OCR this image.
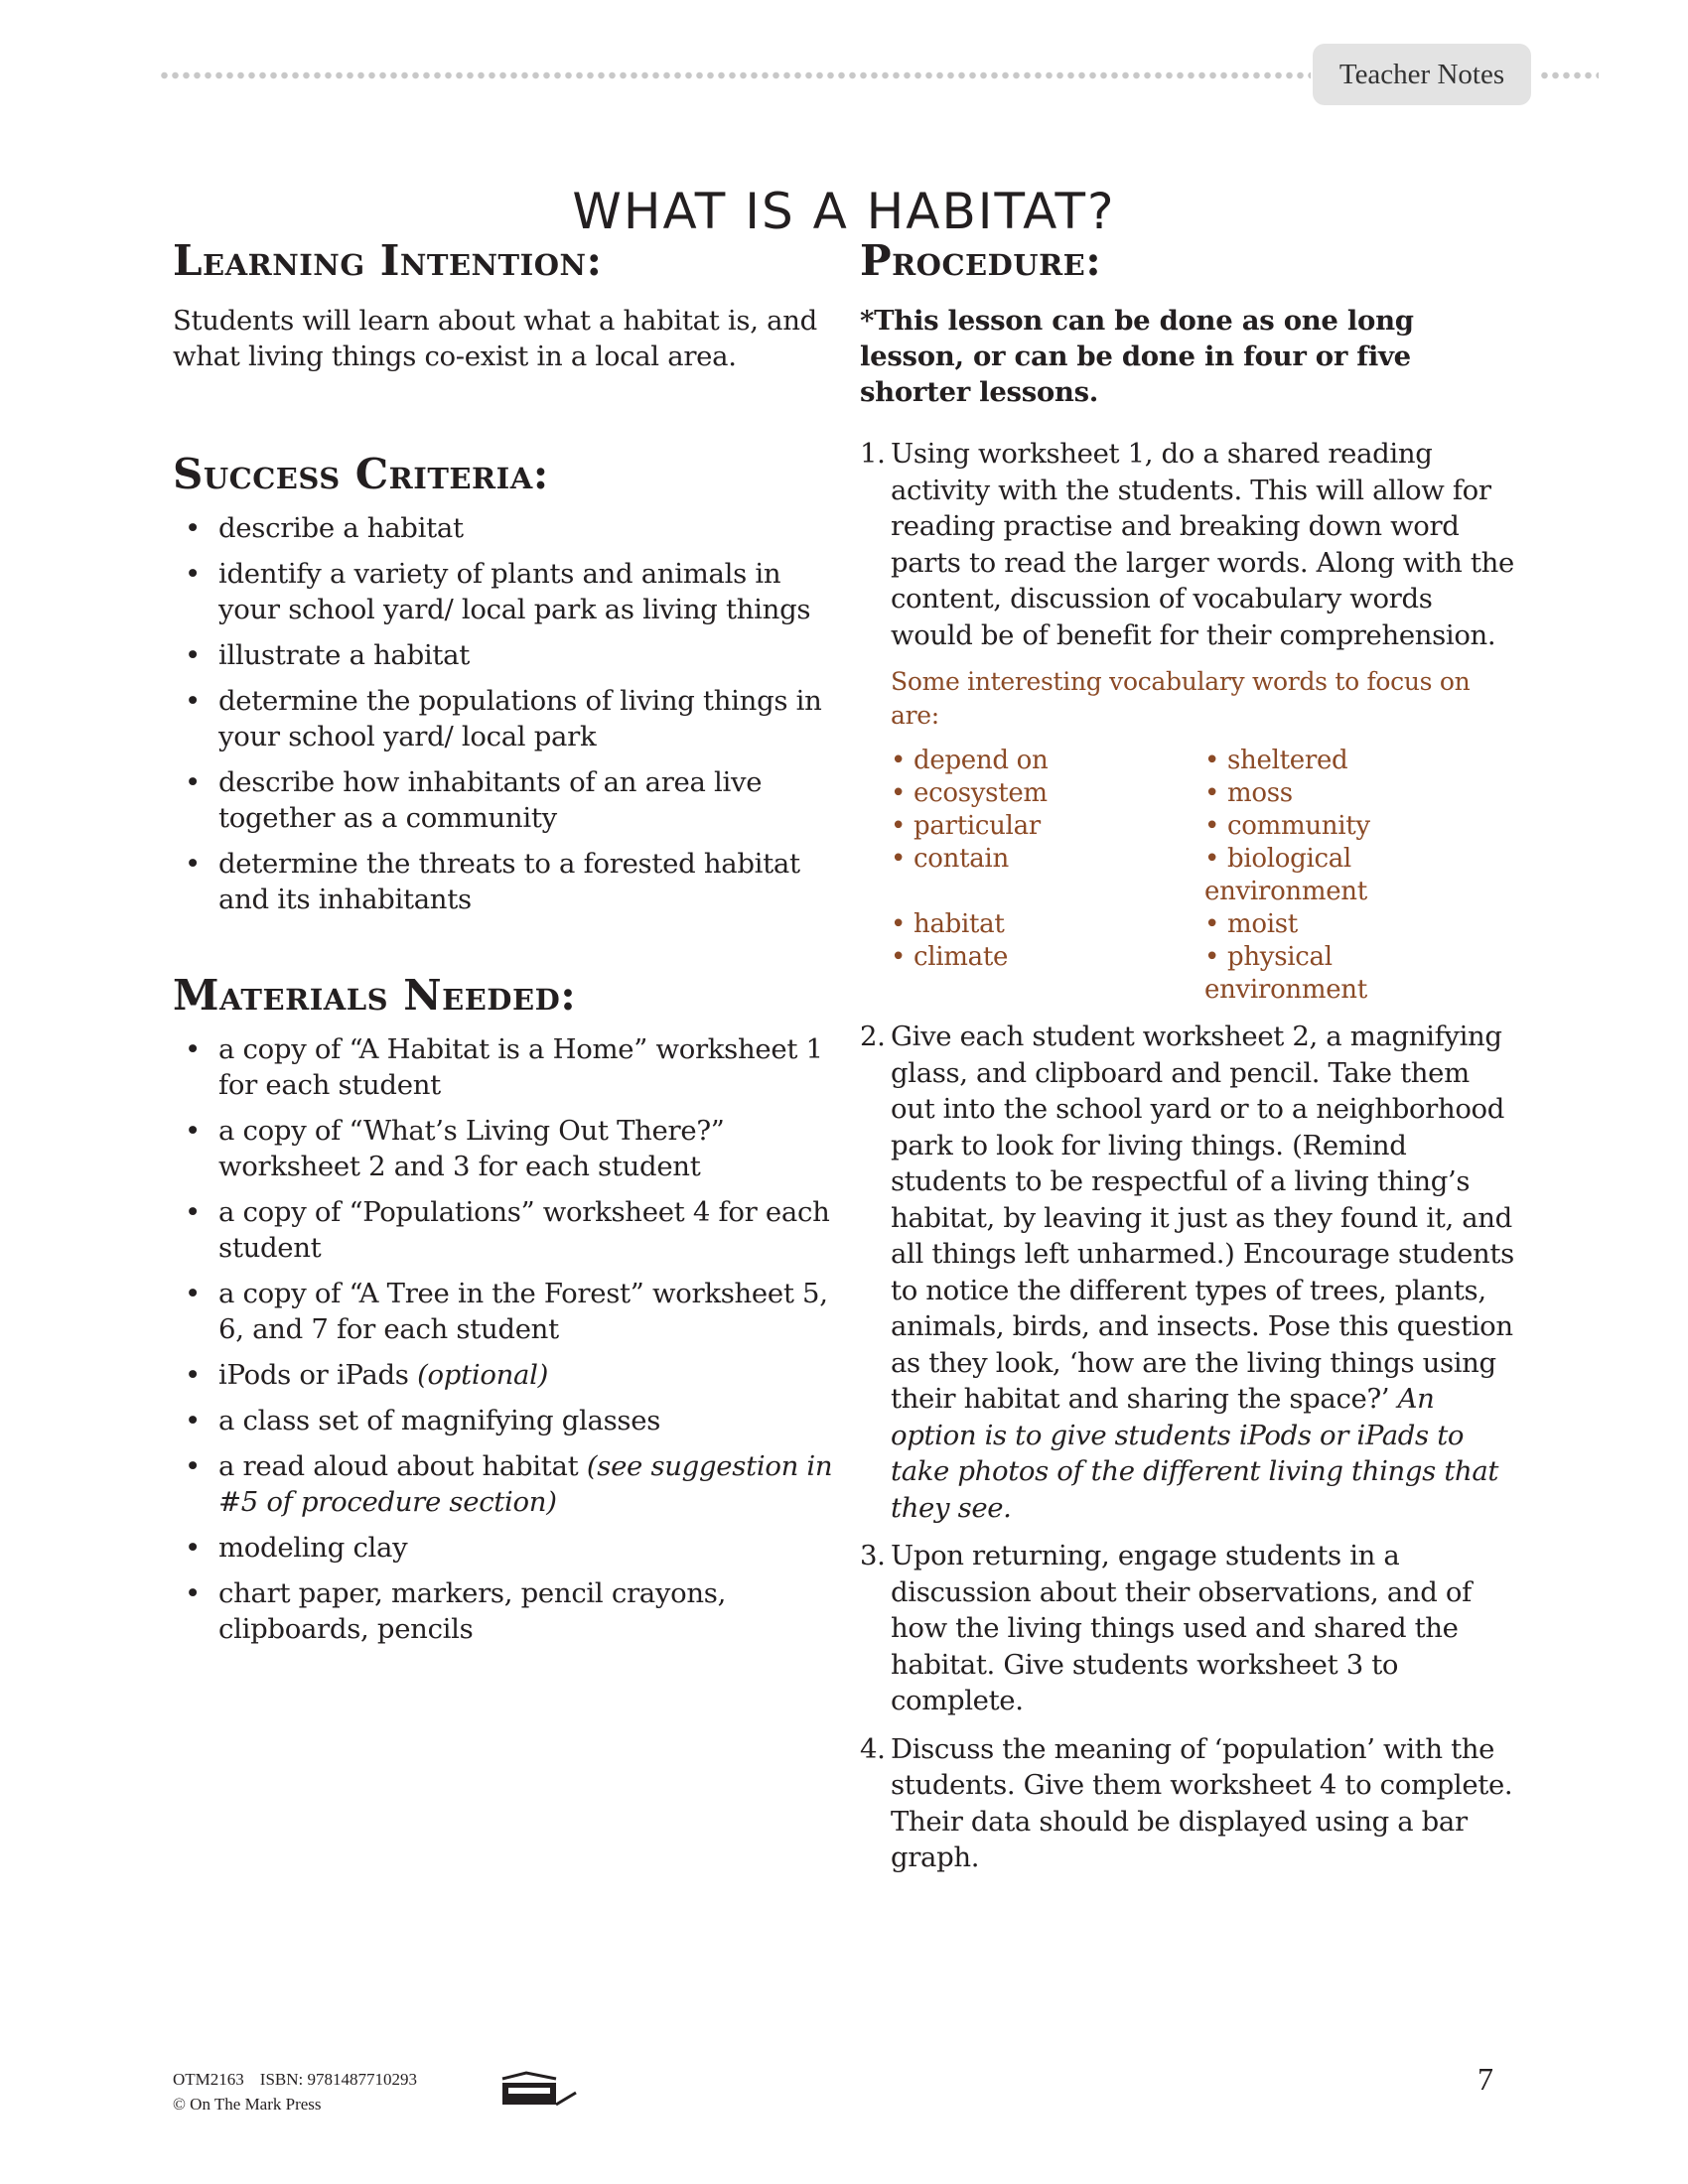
Teacher Notes
WHAT IS A HABITAT?
Learning Intention:

Students will learn about what a habitat is, and what living things co-exist in a local area.

Success Criteria:
• describe a habitat
• identify a variety of plants and animals in your school yard/ local park as living things
• illustrate a habitat
• determine the populations of living things in your school yard/ local park
• describe how inhabitants of an area live together as a community
• determine the threats to a forested habitat and its inhabitants
Materials Needed:
• a copy of “A Habitat is a Home” worksheet 1 for each student
• a copy of “What’s Living Out There?” worksheet 2 and 3 for each student
• a copy of “Populations” worksheet 4 for each student
• a copy of “A Tree in the Forest” worksheet 5, 6, and 7 for each student
• iPods or iPads (optional)
• a class set of magnifying glasses
• a read aloud about habitat (see suggestion in #5 of procedure section)
• modeling clay
• chart paper, markers, pencil crayons, clipboards, pencils
Procedure:

*This lesson can be done as one long lesson, or can be done in four or five shorter lessons.

1. Using worksheet 1, do a shared reading activity with the students. This will allow for reading practise and breaking down word parts to read the larger words. Along with the content, discussion of vocabulary words would be of benefit for their comprehension.
Some interesting vocabulary words to focus on are:
• depend on	• sheltered
• ecosystem	• moss
• particular	• community
• contain	• biological environment
• habitat	• moist
• climate	• physical environment
2. Give each student worksheet 2, a magnifying glass, and clipboard and pencil. Take them out into the school yard or to a neighborhood park to look for living things. (Remind students to be respectful of a living thing’s habitat, by leaving it just as they found it, and all things left unharmed.) Encourage students to notice the different types of trees, plants, animals, birds, and insects. Pose this question as they look, ‘how are the living things using their habitat and sharing the space?’ An option is to give students iPods or iPads to take photos of the different living things that they see.
3. Upon returning, engage students in a discussion about their observations, and of how the living things used and shared the habitat. Give students worksheet 3 to complete.
4. Discuss the meaning of ‘population’ with the students. Give them worksheet 4 to complete. Their data should be displayed using a bar graph.
OTM2163 ISBN: 9781487710293
© On The Mark Press
7
